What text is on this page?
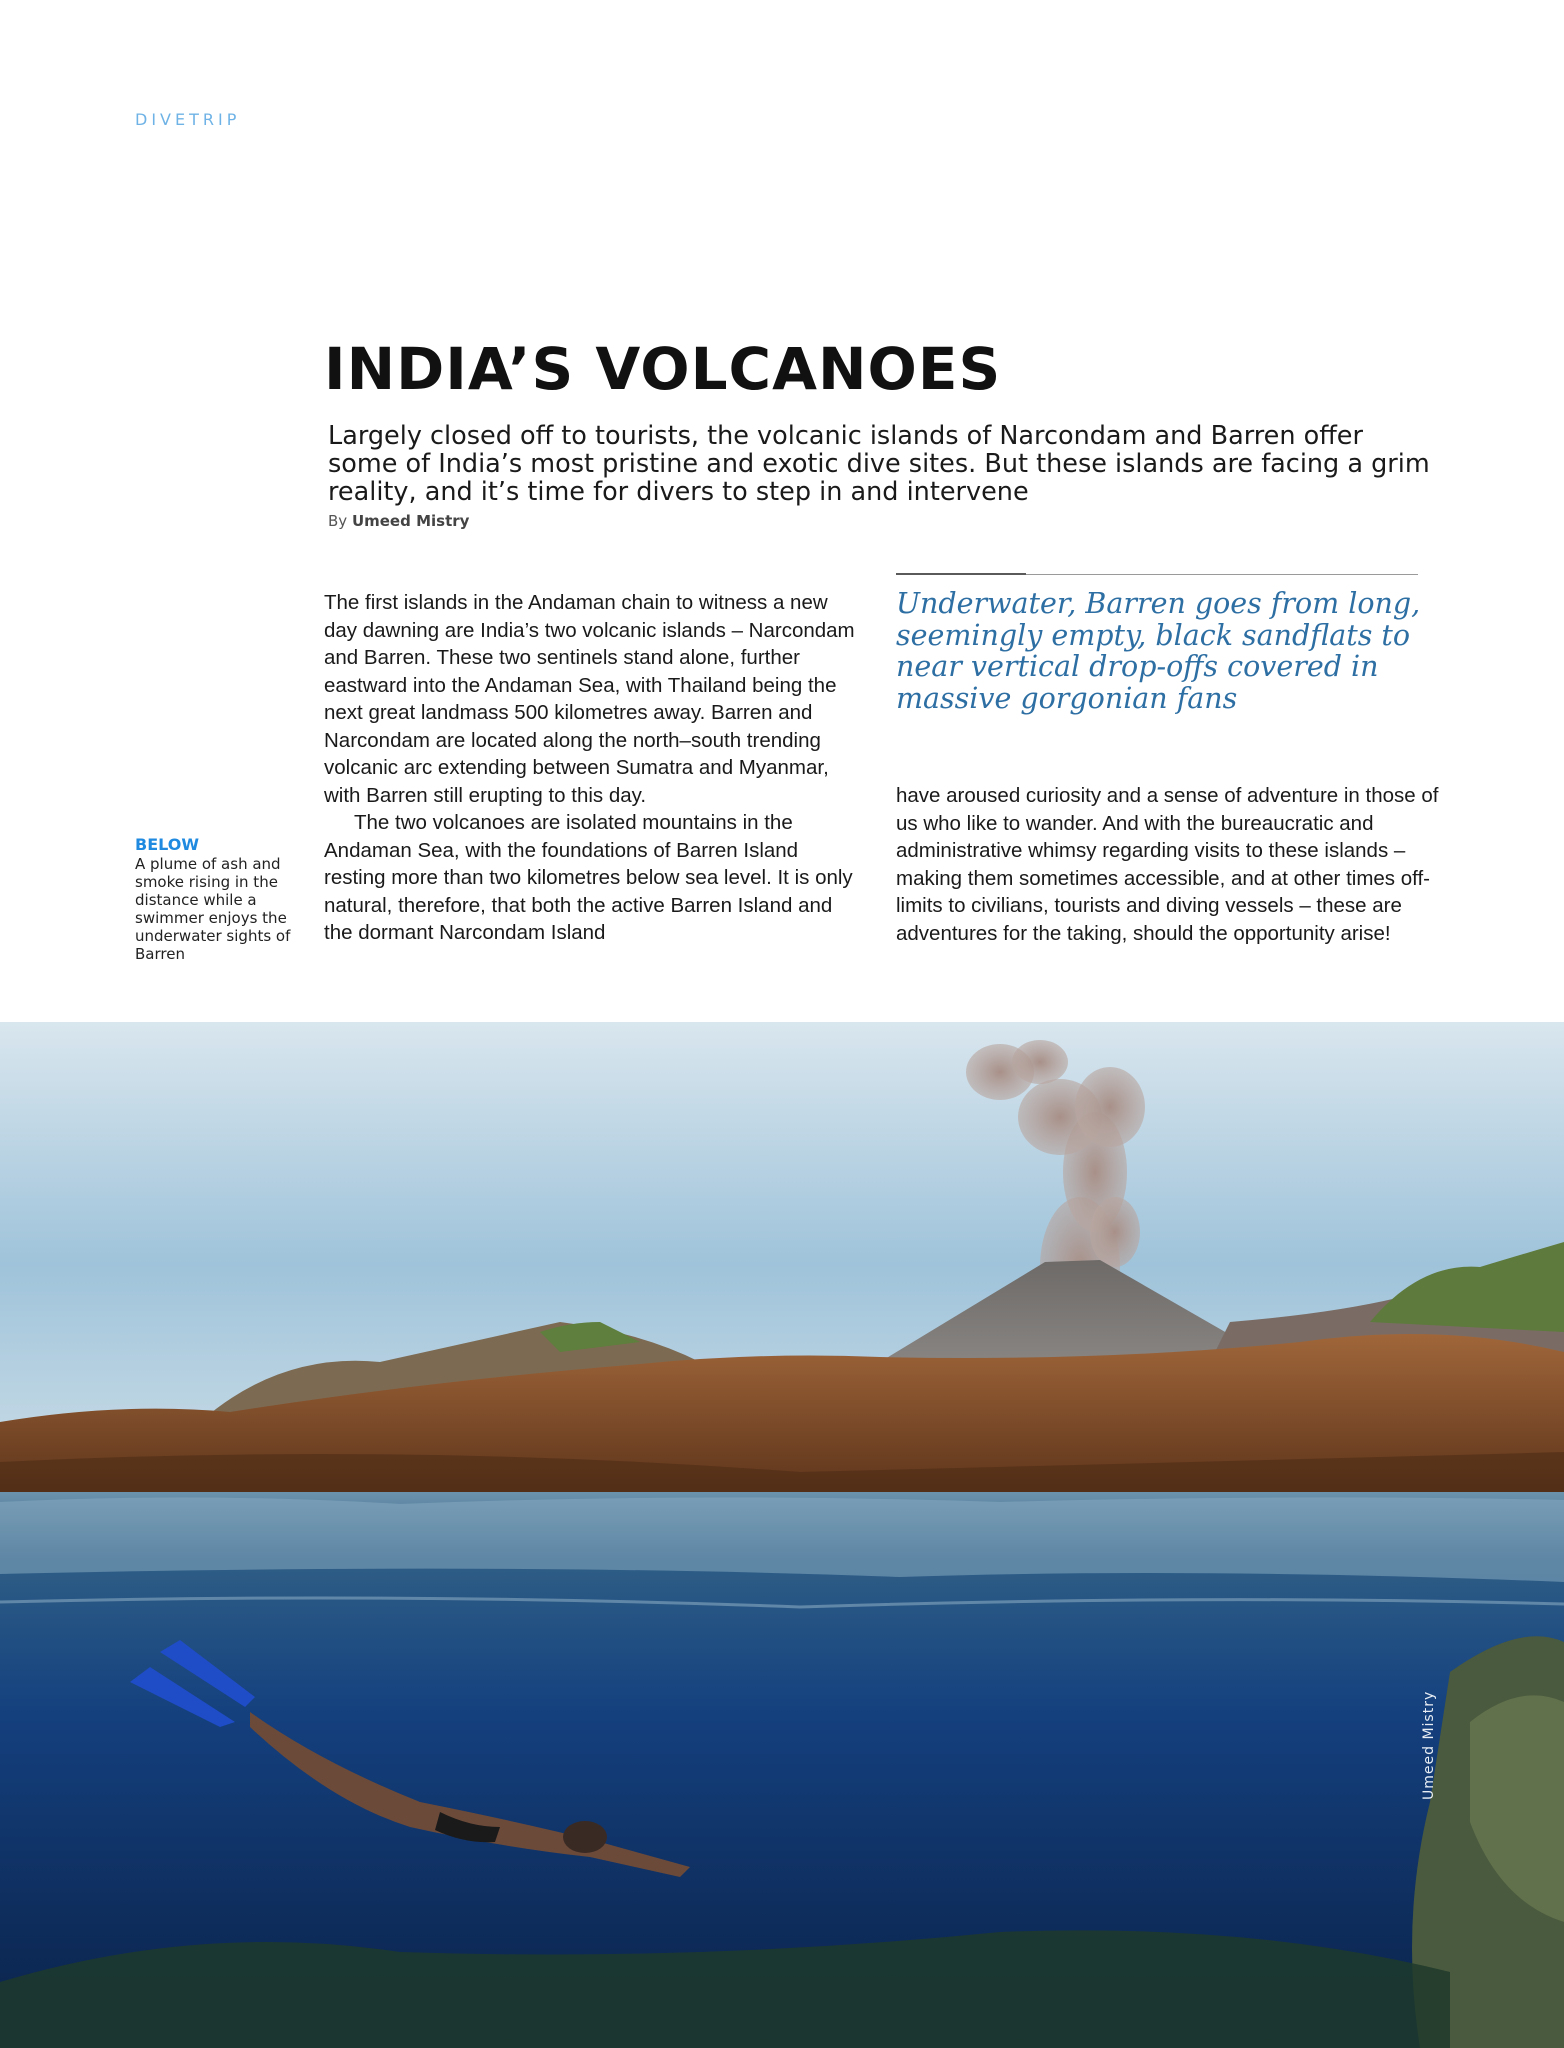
DIVETRIP
INDIA’S VOLCANOES

Largely closed off to tourists, the volcanic islands of Narcondam and Barren offer some of India’s most pristine and exotic dive sites. But these islands are facing a grim reality, and it’s time for divers to step in and intervene

By Umeed Mistry
BELOW
A plume of ash and smoke rising in the distance while a swimmer enjoys the underwater sights of Barren

The first islands in the Andaman chain to witness a new day dawning are India’s two volcanic islands – Narcondam and Barren. These two sentinels stand alone, further eastward into the Andaman Sea, with Thailand being the next great landmass 500 kilometres away. Barren and Narcondam are located along the north–south trending volcanic arc extending between Sumatra and Myanmar, with Barren still erupting to this day.

The two volcanoes are isolated mountains in the Andaman Sea, with the foundations of Barren Island resting more than two kilometres below sea level. It is only natural, therefore, that both the active Barren Island and the dormant Narcondam Island

Underwater, Barren goes from long, seemingly empty, black sandflats to near vertical drop-offs covered in massive gorgonian fans

have aroused curiosity and a sense of adventure in those of us who like to wander. And with the bureaucratic and administrative whimsy regarding visits to these islands – making them sometimes accessible, and at other times off-limits to civilians, tourists and diving vessels – these are adventures for the taking, should the opportunity arise!

Umeed Mistry
